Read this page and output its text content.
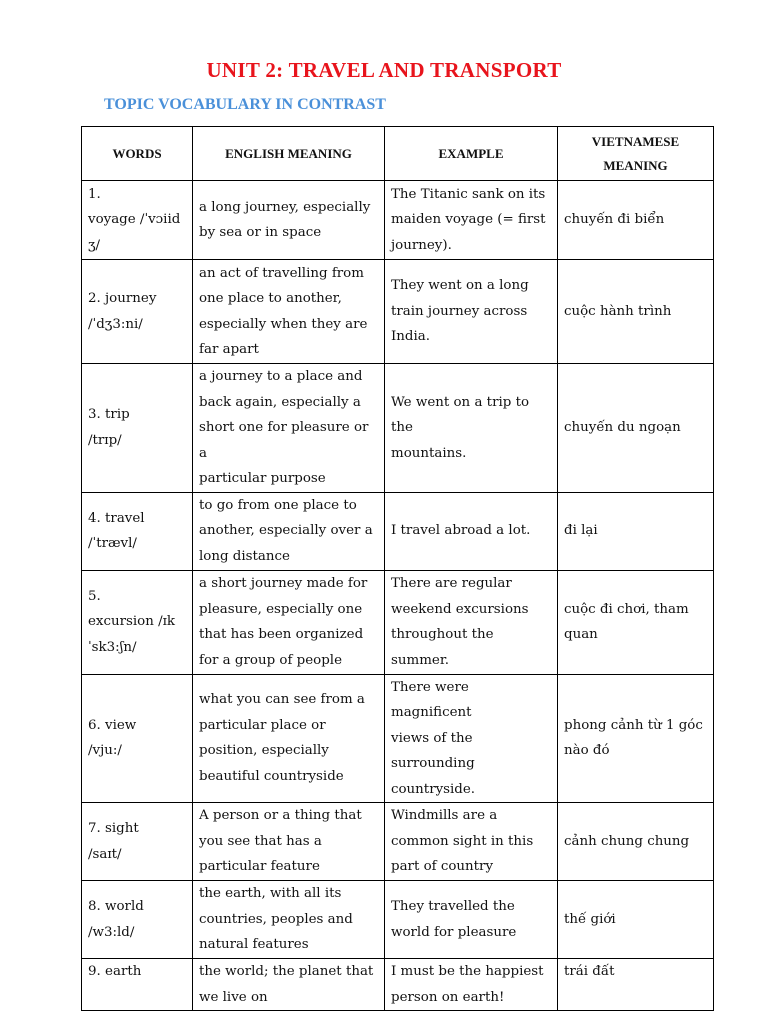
UNIT 2: TRAVEL AND TRANSPORT
TOPIC VOCABULARY IN CONTRAST
WORDS	ENGLISH MEANING	EXAMPLE	VIETNAMESE
MEANING

1.
voyage /ˈvɔiid
ʒ/	a long journey, especially
by sea or in space	The Titanic sank on its
maiden voyage (= first
journey).	chuyến đi biển

2. journey
/ˈdʒ3:ni/	an act of travelling from
one place to another,
especially when they are
far apart	They went on a long
train journey across
India.	cuộc hành trình

3. trip
/trɪp/	a journey to a place and
back again, especially a
short one for pleasure or a
particular purpose	We went on a trip to the
mountains.	chuyến du ngoạn

4. travel
/ˈtrævl/	to go from one place to
another, especially over a
long distance	I travel abroad a lot.	đi lại

5.
excursion /ɪk
ˈsk3:ʃn/	a short journey made for
pleasure, especially one
that has been organized
for a group of people	There are regular
weekend excursions
throughout the
summer.	cuộc đi chơi, tham
quan

6. view
/vju:/	what you can see from a
particular place or
position, especially
beautiful countryside	There were magnificent
views of the
surrounding
countryside.	phong cảnh từ 1 góc
nào đó

7. sight
/saɪt/	A person or a thing that
you see that has a
particular feature	Windmills are a
common sight in this
part of country	cảnh chung chung

8. world
/w3:ld/	the earth, with all its
countries, peoples and
natural features	They travelled the
world for pleasure	thế giới

9. earth	the world; the planet that
we live on	I must be the happiest
person on earth!	trái đất
